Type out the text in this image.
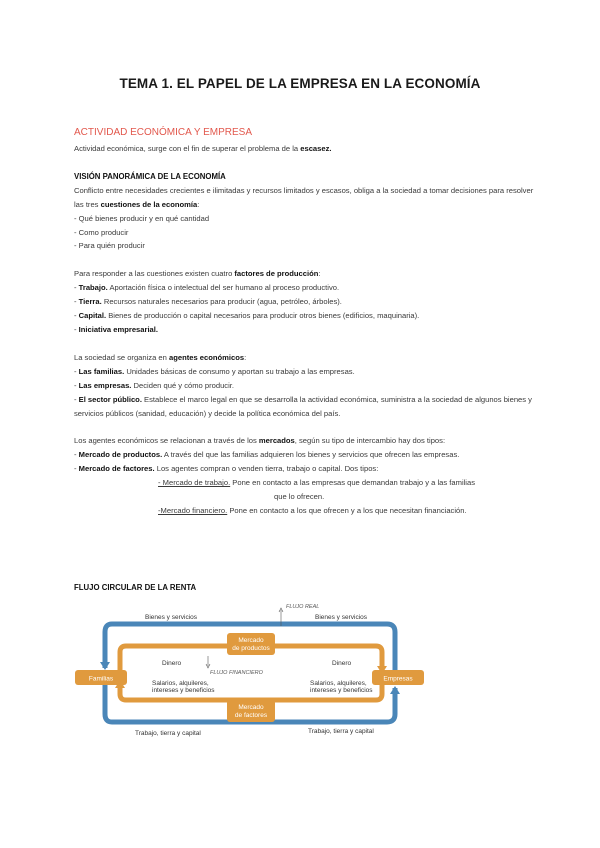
TEMA 1. EL PAPEL DE LA EMPRESA EN LA ECONOMÍA
ACTIVIDAD ECONÓMICA Y EMPRESA

Actividad económica, surge con el fin de superar el problema de la escasez.

VISIÓN PANORÁMICA DE LA ECONOMÍA

Conflicto entre necesidades crecientes e ilimitadas y recursos limitados y escasos, obliga a la sociedad a tomar decisiones para resolver las tres cuestiones de la economía:

- Qué bienes producir y en qué cantidad

- Como producir

- Para quién producir

Para responder a las cuestiones existen cuatro factores de producción:

- Trabajo. Aportación física o intelectual del ser humano al proceso productivo.

- Tierra. Recursos naturales necesarios para producir (agua, petróleo, árboles).

- Capital. Bienes de producción o capital necesarios para producir otros bienes (edificios, maquinaria).

- Iniciativa empresarial.

La sociedad se organiza en agentes económicos:

- Las familias. Unidades básicas de consumo y aportan su trabajo a las empresas.

- Las empresas. Deciden qué y cómo producir.

- El sector público. Establece el marco legal en que se desarrolla la actividad económica, suministra a la sociedad de algunos bienes y servicios públicos (sanidad, educación) y decide la política económica del país.

Los agentes económicos se relacionan a través de los mercados, según su tipo de intercambio hay dos tipos:

- Mercado de productos. A través del que las familias adquieren los bienes y servicios que ofrecen las empresas.

- Mercado de factores. Los agentes compran o venden tierra, trabajo o capital. Dos tipos:

- Mercado de trabajo. Pone en contacto a las empresas que demandan trabajo y a las familias

que lo ofrecen.

-Mercado financiero. Pone en contacto a los que ofrecen y a los que necesitan financiación.

FLUJO CIRCULAR DE LA RENTA
Familias	Empresas
Mercado
de productos
Mercado
de factores
Bienes y servicios	Bienes y servicios
Dinero	Dinero
Salarios, alquileres,
intereses y beneficios
Salarios, alquileres,
intereses y beneficios
Trabajo, tierra y capital	Trabajo, tierra y capital
FLUJO REAL
FLUJO FINANCIERO
